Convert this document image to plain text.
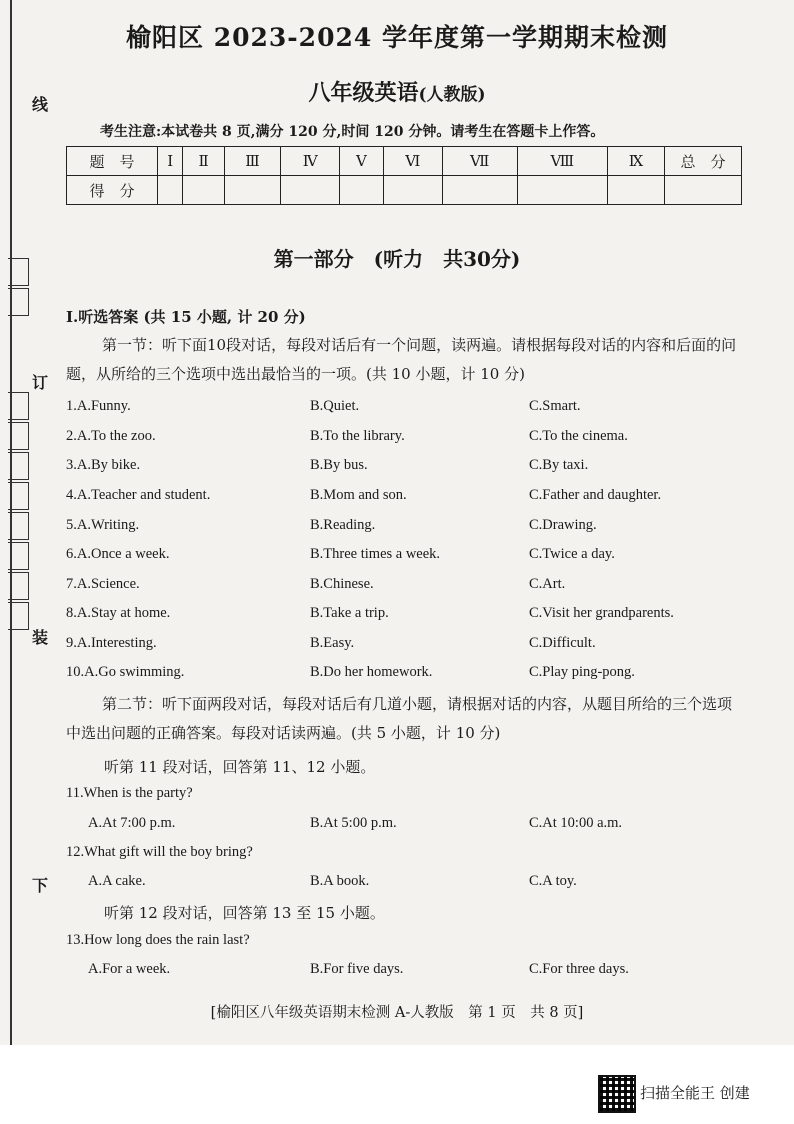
线
订
装
下
榆阳区 2023-2024 学年度第一学期期末检测
八年级英语(人教版)
考生注意:本试卷共 8 页,满分 120 分,时间 120 分钟。请考生在答题卡上作答。
题　号	I	Ⅱ	Ⅲ	Ⅳ	V	Ⅵ	Ⅶ	Ⅷ	Ⅸ	总　分
得　分										
第一部分　(听力　共30分)
Ⅰ.听选答案 (共 15 小题, 计 20 分)
第一节：听下面10段对话，每段对话后有一个问题，读两遍。请根据每段对话的内容和后面的问题，从所给的三个选项中选出最恰当的一项。(共 10 小题，计 10 分)
1.A.Funny.	B.Quiet.	C.Smart.
2.A.To the zoo.	B.To the library.	C.To the cinema.
3.A.By bike.	B.By bus.	C.By taxi.
4.A.Teacher and student.	B.Mom and son.	C.Father and daughter.
5.A.Writing.	B.Reading.	C.Drawing.
6.A.Once a week.	B.Three times a week.	C.Twice a day.
7.A.Science.	B.Chinese.	C.Art.
8.A.Stay at home.	B.Take a trip.	C.Visit her grandparents.
9.A.Interesting.	B.Easy.	C.Difficult.
10.A.Go swimming.	B.Do her homework.	C.Play ping-pong.
第二节：听下面两段对话，每段对话后有几道小题，请根据对话的内容，从题目所给的三个选项中选出问题的正确答案。每段对话读两遍。(共 5 小题，计 10 分)
听第 11 段对话，回答第 11、12 小题。
11.When is the party?
A.At 7:00 p.m.	B.At 5:00 p.m.	C.At 10:00 a.m.
12.What gift will the boy bring?
A.A cake.	B.A book.	C.A toy.
听第 12 段对话，回答第 13 至 15 小题。
13.How long does the rain last?
A.For a week.	B.For five days.	C.For three days.
[榆阳区八年级英语期末检测 A-人教版　第 1 页　共 8 页]
扫描全能王 创建
